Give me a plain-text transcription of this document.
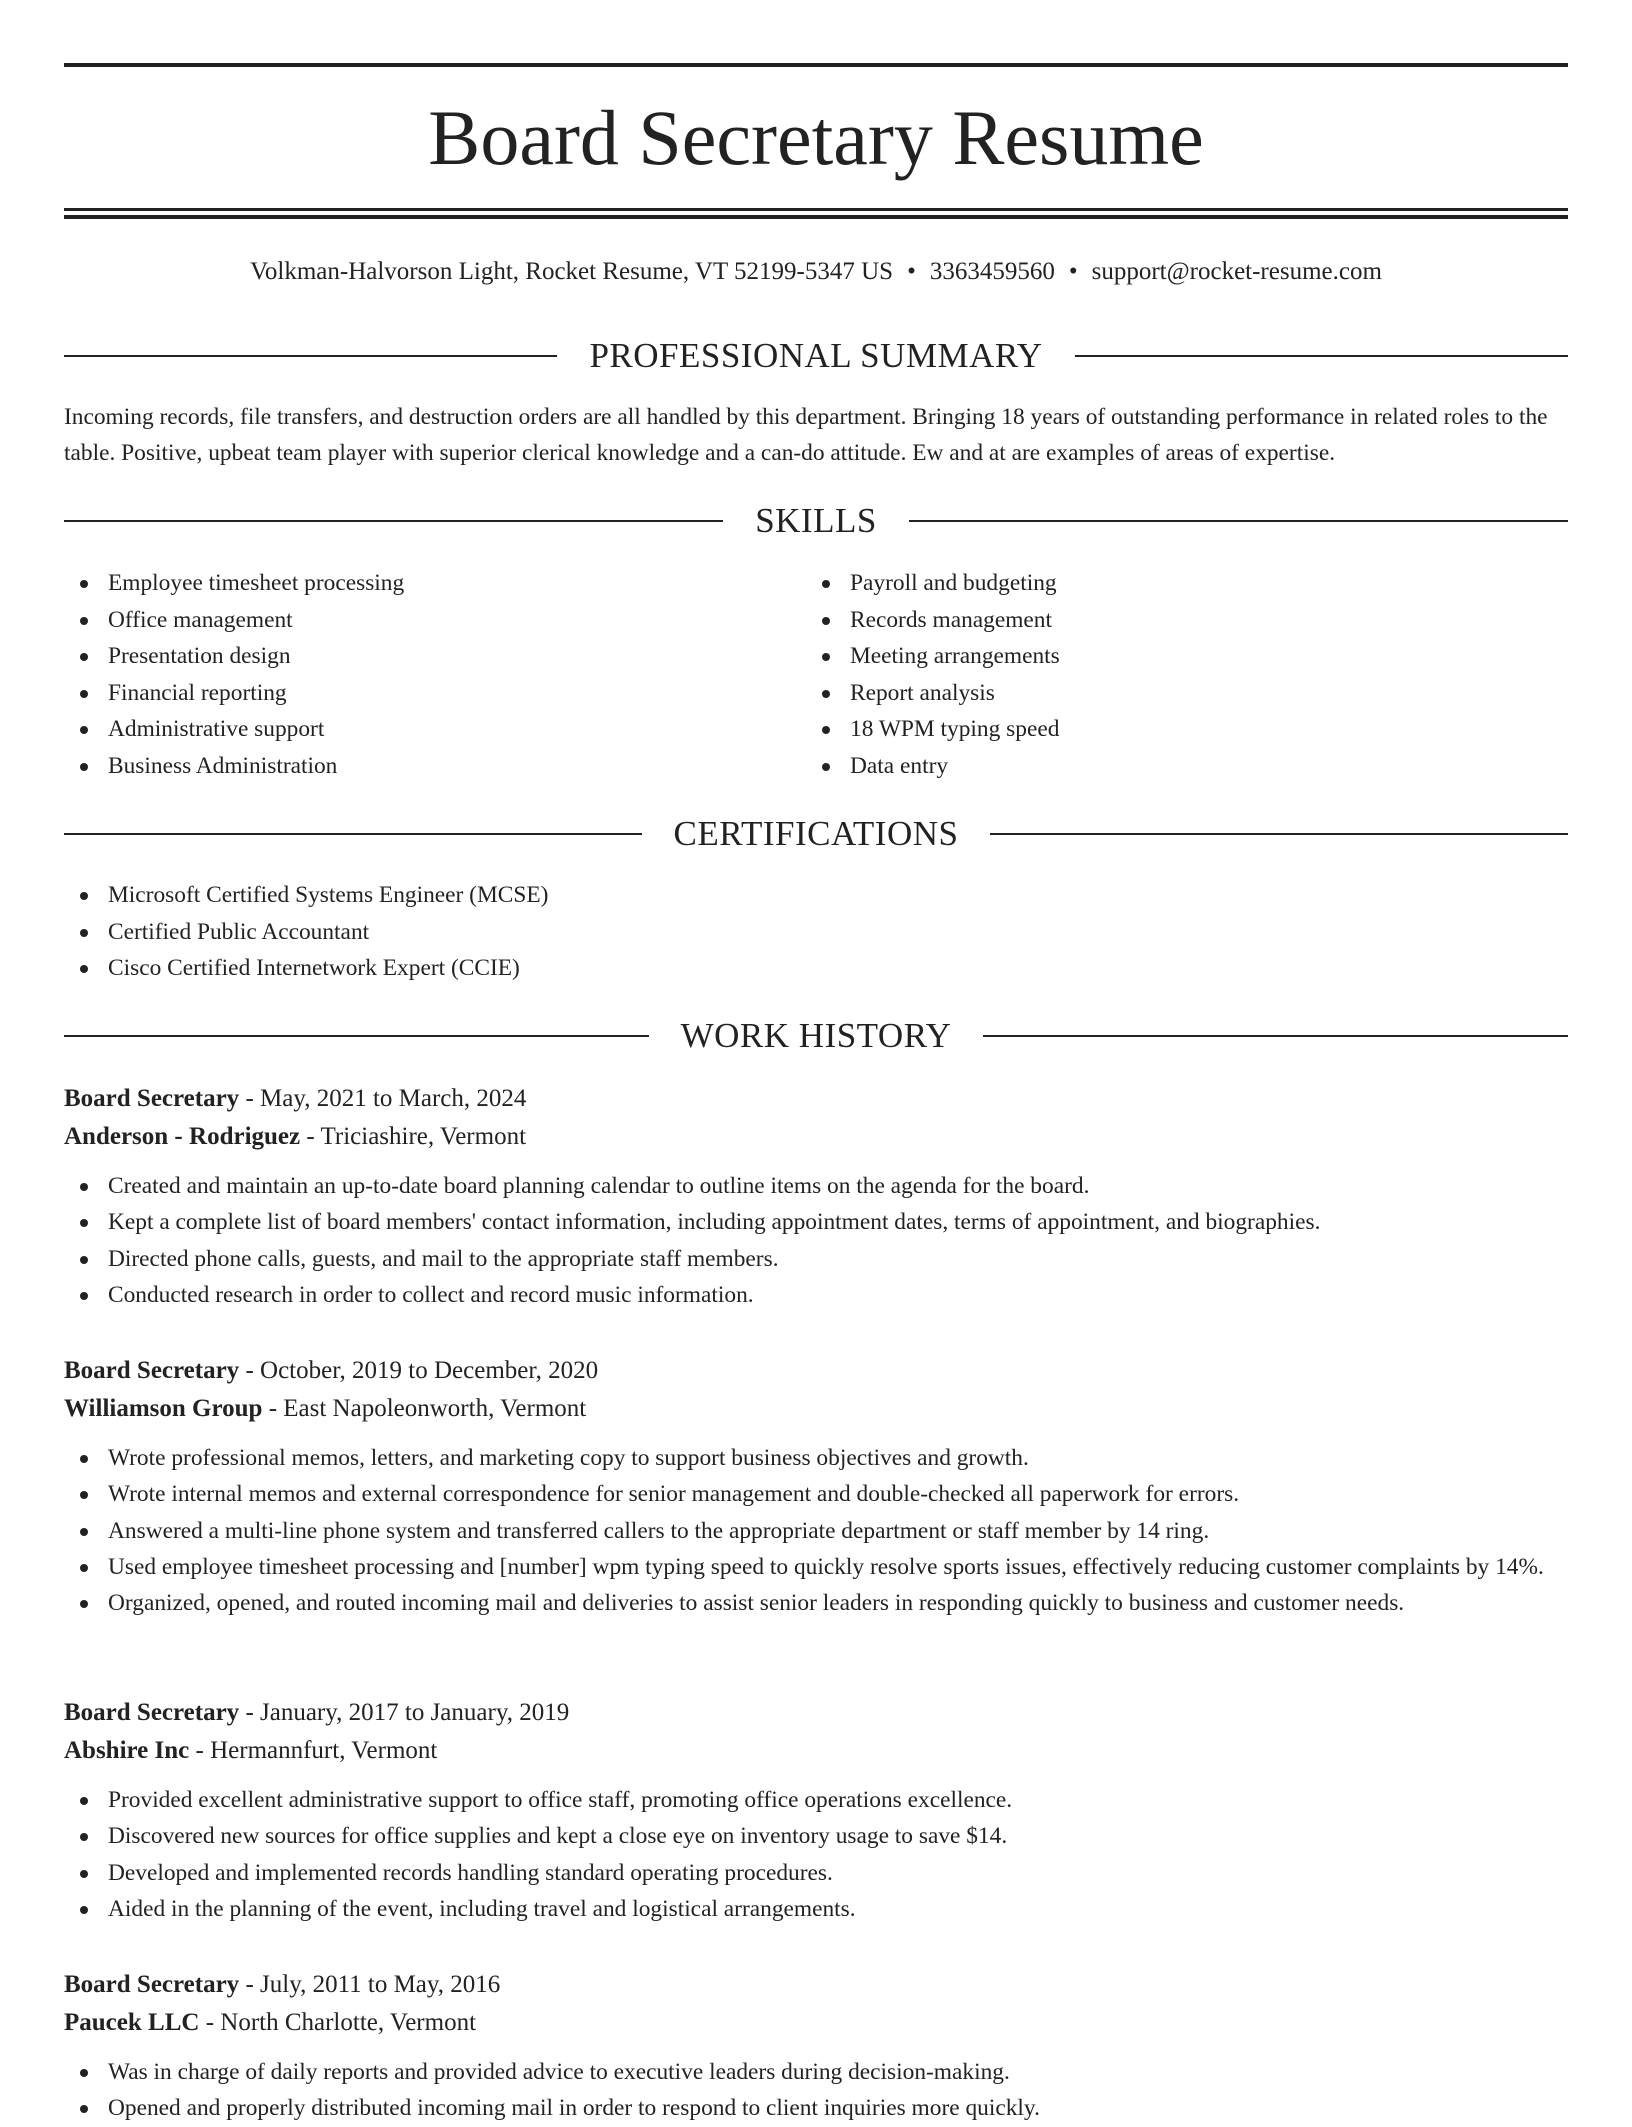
Board Secretary Resume
Volkman-Halvorson Light, Rocket Resume, VT 52199-5347 US • 3363459560 • support@rocket-resume.com
PROFESSIONAL SUMMARY

Incoming records, file transfers, and destruction orders are all handled by this department. Bringing 18 years of outstanding performance in related roles to the table. Positive, upbeat team player with superior clerical knowledge and a can-do attitude. Ew and at are examples of areas of expertise.

SKILLS
Employee timesheet processing
Office management
Presentation design
Financial reporting
Administrative support
Business Administration
Payroll and budgeting
Records management
Meeting arrangements
Report analysis
18 WPM typing speed
Data entry
CERTIFICATIONS
Microsoft Certified Systems Engineer (MCSE)
Certified Public Accountant
Cisco Certified Internetwork Expert (CCIE)
WORK HISTORY
Board Secretary - May, 2021 to March, 2024
Anderson - Rodriguez - Triciashire, Vermont
Created and maintain an up-to-date board planning calendar to outline items on the agenda for the board.
Kept a complete list of board members' contact information, including appointment dates, terms of appointment, and biographies.
Directed phone calls, guests, and mail to the appropriate staff members.
Conducted research in order to collect and record music information.
Board Secretary - October, 2019 to December, 2020
Williamson Group - East Napoleonworth, Vermont
Wrote professional memos, letters, and marketing copy to support business objectives and growth.
Wrote internal memos and external correspondence for senior management and double-checked all paperwork for errors.
Answered a multi-line phone system and transferred callers to the appropriate department or staff member by 14 ring.
Used employee timesheet processing and [number] wpm typing speed to quickly resolve sports issues, effectively reducing customer complaints by 14%.
Organized, opened, and routed incoming mail and deliveries to assist senior leaders in responding quickly to business and customer needs.
Board Secretary - January, 2017 to January, 2019
Abshire Inc - Hermannfurt, Vermont
Provided excellent administrative support to office staff, promoting office operations excellence.
Discovered new sources for office supplies and kept a close eye on inventory usage to save $14.
Developed and implemented records handling standard operating procedures.
Aided in the planning of the event, including travel and logistical arrangements.
Board Secretary - July, 2011 to May, 2016
Paucek LLC - North Charlotte, Vermont
Was in charge of daily reports and provided advice to executive leaders during decision-making.
Opened and properly distributed incoming mail in order to respond to client inquiries more quickly.
